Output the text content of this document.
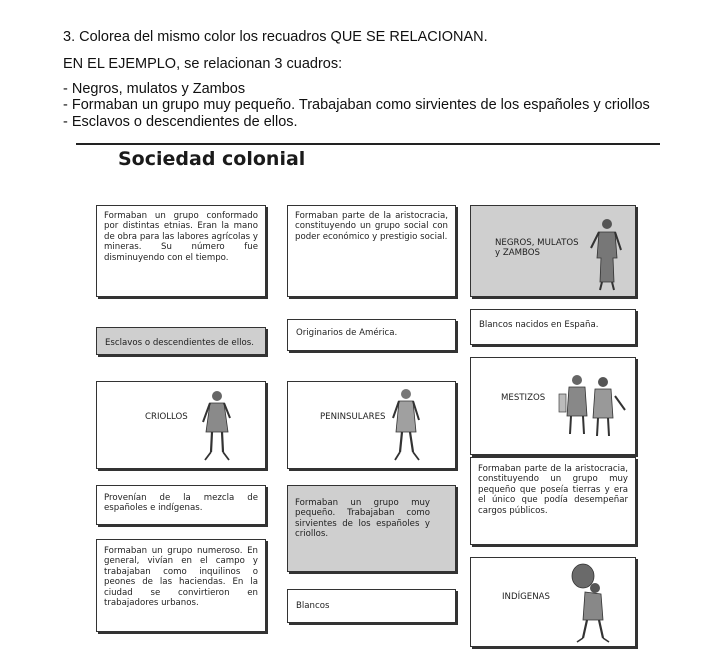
3. Colorea del mismo color los recuadros QUE SE RELACIONAN.
EN EL EJEMPLO, se relacionan 3 cuadros:
- Negros, mulatos y Zambos
- Formaban un grupo muy pequeño. Trabajaban como sirvientes de los españoles y criollos
- Esclavos o descendientes de ellos.
Sociedad colonial
Formaban un grupo conformado por distintas etnias. Eran la mano de obra para las labores agrícolas y mineras. Su número fue disminuyendo con el tiempo.
Formaban parte de la aristocracia, constituyendo un grupo social con poder económico y prestigio social.
NEGROS, MULATOS y ZAMBOS
Esclavos o descendientes de ellos.
Originarios de América.
Blancos nacidos en España.
MESTIZOS
CRIOLLOS	PENINSULARES
Formaban parte de la aristocracia, constituyendo un grupo muy pequeño que poseía tierras y era el único que podía desempeñar cargos públicos.
Provenían de la mezcla de españoles e indígenas.
Formaban un grupo muy pequeño. Trabajaban como sirvientes de los españoles y criollos.
Formaban un grupo numeroso. En general, vivían en el campo y trabajaban como inquilinos o peones de las haciendas. En la ciudad se convirtieron en trabajadores urbanos.	Blancos
INDÍGENAS
